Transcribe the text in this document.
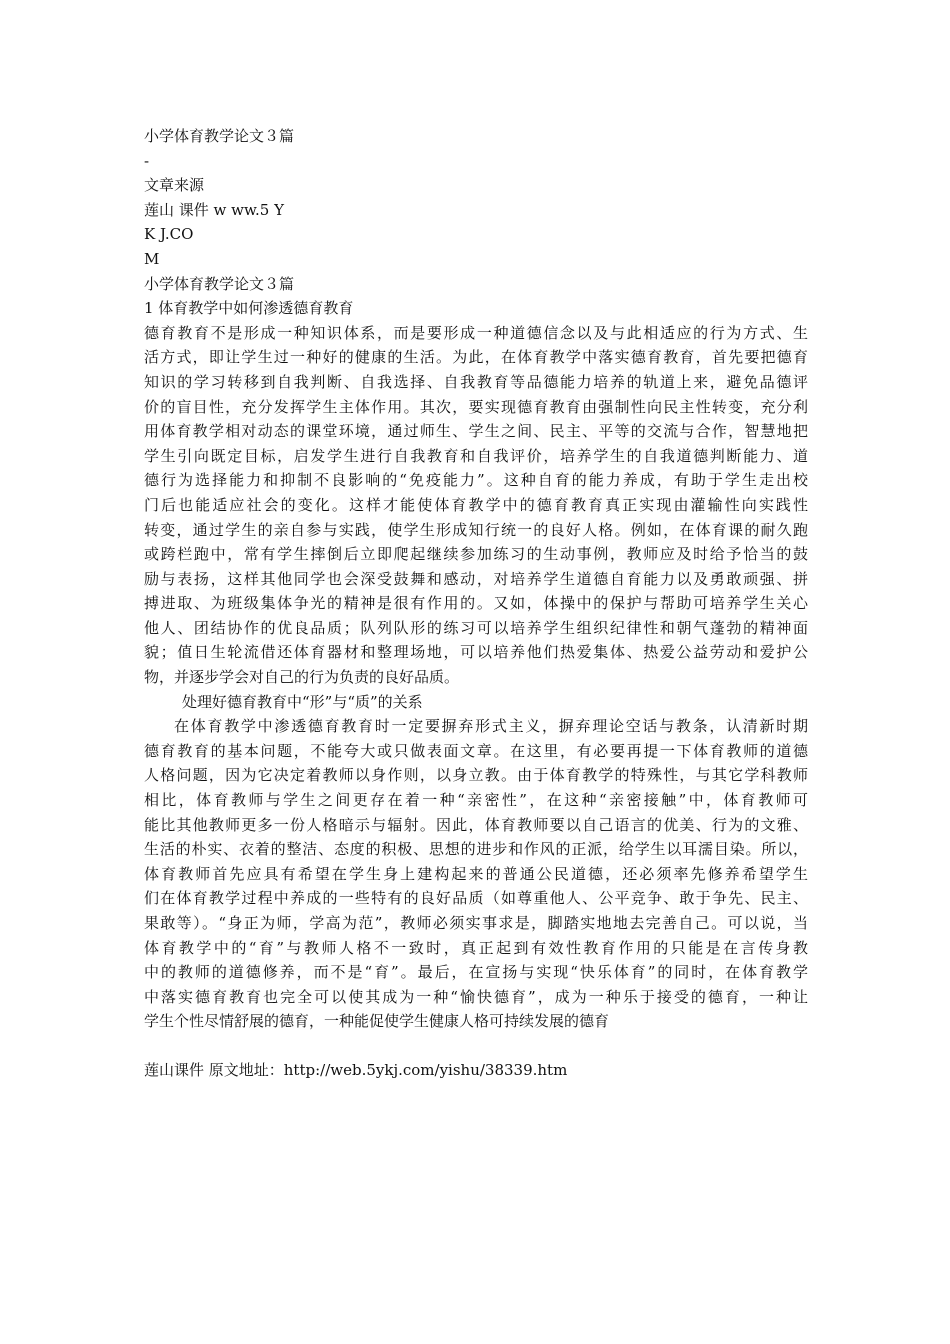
小学体育教学论文３篇
-
文章来源
莲山 课件 w ww.5 Y
K J.CO
M
小学体育教学论文３篇
1 体育教学中如何渗透德育教育
德育教育不是形成一种知识体系，而是要形成一种道德信念以及与此相适应的行为方式、生
活方式，即让学生过一种好的健康的生活。为此，在体育教学中落实德育教育，首先要把德育
知识的学习转移到自我判断、自我选择、自我教育等品德能力培养的轨道上来，避免品德评
价的盲目性，充分发挥学生主体作用。其次，要实现德育教育由强制性向民主性转变，充分利
用体育教学相对动态的课堂环境，通过师生、学生之间、民主、平等的交流与合作，智慧地把
学生引向既定目标，启发学生进行自我教育和自我评价，培养学生的自我道德判断能力、道
德行为选择能力和抑制不良影响的“免疫能力”。这种自育的能力养成，有助于学生走出校
门后也能适应社会的变化。这样才能使体育教学中的德育教育真正实现由灌输性向实践性
转变，通过学生的亲自参与实践，使学生形成知行统一的良好人格。例如，在体育课的耐久跑
或跨栏跑中，常有学生摔倒后立即爬起继续参加练习的生动事例，教师应及时给予恰当的鼓
励与表扬，这样其他同学也会深受鼓舞和感动，对培养学生道德自育能力以及勇敢顽强、拼
搏进取、为班级集体争光的精神是很有作用的。又如，体操中的保护与帮助可培养学生关心
他人、团结协作的优良品质；队列队形的练习可以培养学生组织纪律性和朝气蓬勃的精神面
貌；值日生轮流借还体育器材和整理场地，可以培养他们热爱集体、热爱公益劳动和爱护公
物，并逐步学会对自己的行为负责的良好品质。
处理好德育教育中“形”与“质”的关系
在体育教学中渗透德育教育时一定要摒弃形式主义，摒弃理论空话与教条，认清新时期
德育教育的基本问题，不能夸大或只做表面文章。在这里，有必要再提一下体育教师的道德
人格问题，因为它决定着教师以身作则，以身立教。由于体育教学的特殊性，与其它学科教师
相比，体育教师与学生之间更存在着一种“亲密性”，在这种“亲密接触”中，体育教师可
能比其他教师更多一份人格暗示与辐射。因此，体育教师要以自己语言的优美、行为的文雅、
生活的朴实、衣着的整洁、态度的积极、思想的进步和作风的正派，给学生以耳濡目染。所以，
体育教师首先应具有希望在学生身上建构起来的普通公民道德，还必须率先修养希望学生
们在体育教学过程中养成的一些特有的良好品质（如尊重他人、公平竞争、敢于争先、民主、
果敢等）。“身正为师，学高为范”，教师必须实事求是，脚踏实地地去完善自己。可以说，当
体育教学中的“育”与教师人格不一致时，真正起到有效性教育作用的只能是在言传身教
中的教师的道德修养，而不是“育”。最后，在宣扬与实现“快乐体育”的同时，在体育教学
中落实德育教育也完全可以使其成为一种“愉快德育”，成为一种乐于接受的德育，一种让
学生个性尽情舒展的德育，一种能促使学生健康人格可持续发展的德育
莲山课件 原文地址：http://web.5ykj.com/yishu/38339.htm
